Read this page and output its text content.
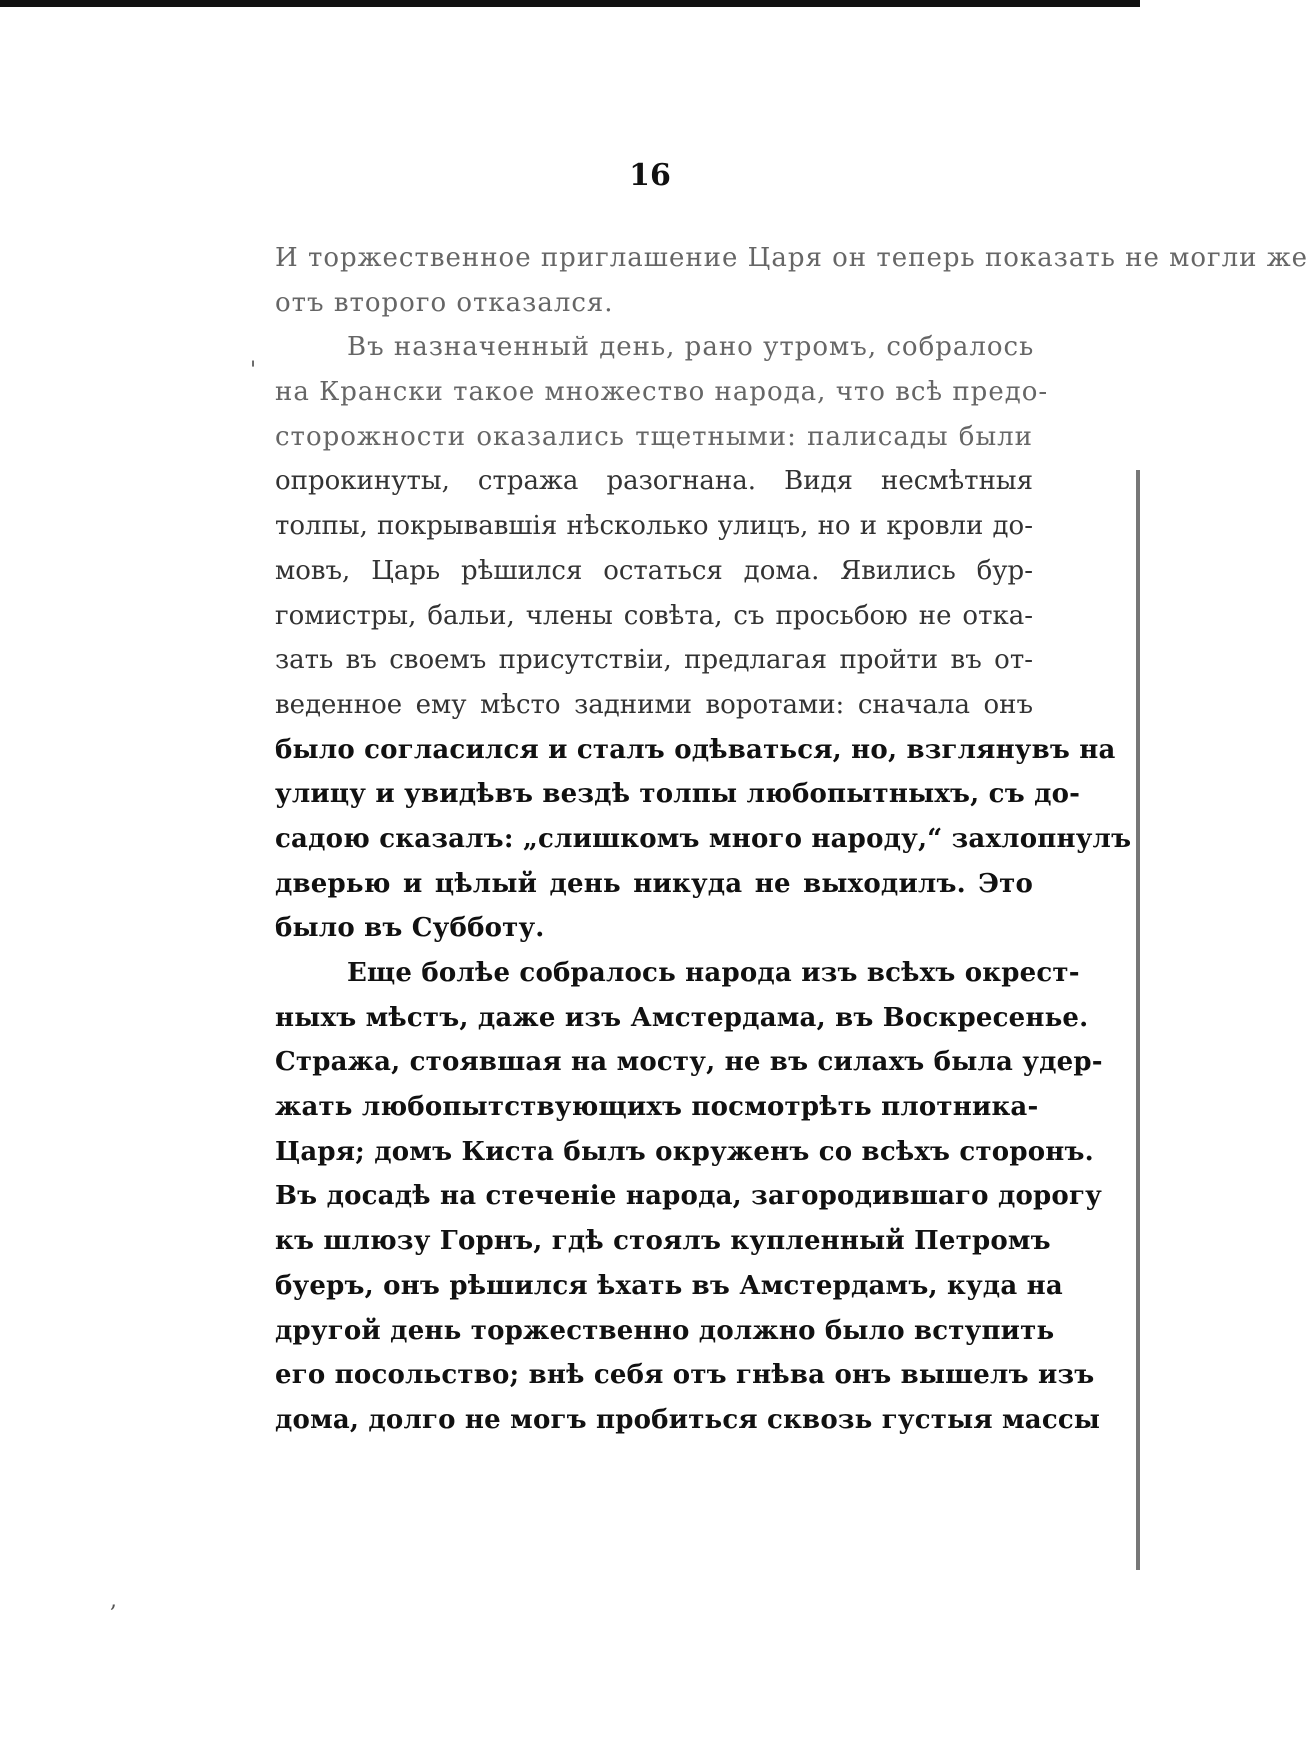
'
,
16
И торжественное приглашение Царя он теперь показать не могли же
отъ второго отказался.
Въ назначенный день, рано утромъ, собралось
на Крански такое множество народа, что всѣ предо-
сторожности оказались тщетными: палисады были
опрокинуты, стража разогнана. Видя несмѣтныя
толпы, покрывавшія нѣсколько улицъ, но и кровли до-
мовъ, Царь рѣшился остаться дома. Явились бур-
гомистры, бальи, члены совѣта, съ просьбою не отка-
зать въ своемъ присутствіи, предлагая пройти въ от-
веденное ему мѣсто задними воротами: сначала онъ
было согласился и сталъ одѣваться, но, взглянувъ на
улицу и увидѣвъ вездѣ толпы любопытныхъ, съ до-
садою сказалъ: „слишкомъ много народу,“ захлопнулъ
дверью и цѣлый день никуда не выходилъ. Это
было въ Субботу.
Еще болѣе собралось народа изъ всѣхъ окрест-
ныхъ мѣстъ, даже изъ Амстердама, въ Воскресенье.
Стража, стоявшая на мосту, не въ силахъ была удер-
жать любопытствующихъ посмотрѣть плотника-
Царя; домъ Киста былъ окруженъ со всѣхъ сторонъ.
Въ досадѣ на стеченіе народа, загородившаго дорогу
къ шлюзу Горнъ, гдѣ стоялъ купленный Петромъ
буеръ, онъ рѣшился ѣхать въ Амстердамъ, куда на
другой день торжественно должно было вступить
его посольство; внѣ себя отъ гнѣва онъ вышелъ изъ
дома, долго не могъ пробиться сквозь густыя массы
